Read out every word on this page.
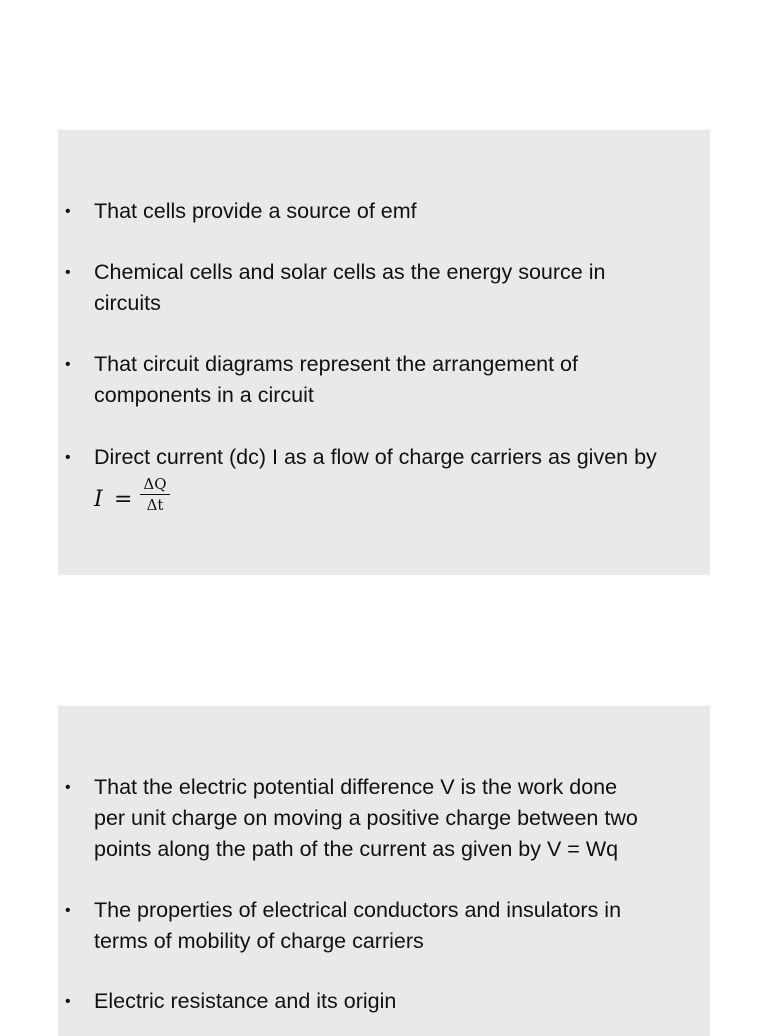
• That cells provide a source of emf
• Chemical cells and solar cells as the energy source in
circuits
• That circuit diagrams represent the arrangement of
components in a circuit
• Direct current (dc) I as a flow of charge carriers as given by
$I = \frac{\Delta Q}{\Delta t}$
• That the electric potential difference V is the work done
per unit charge on moving a positive charge between two
points along the path of the current as given by V = Wq
• The properties of electrical conductors and insulators in
terms of mobility of charge carriers
• Electric resistance and its origin
